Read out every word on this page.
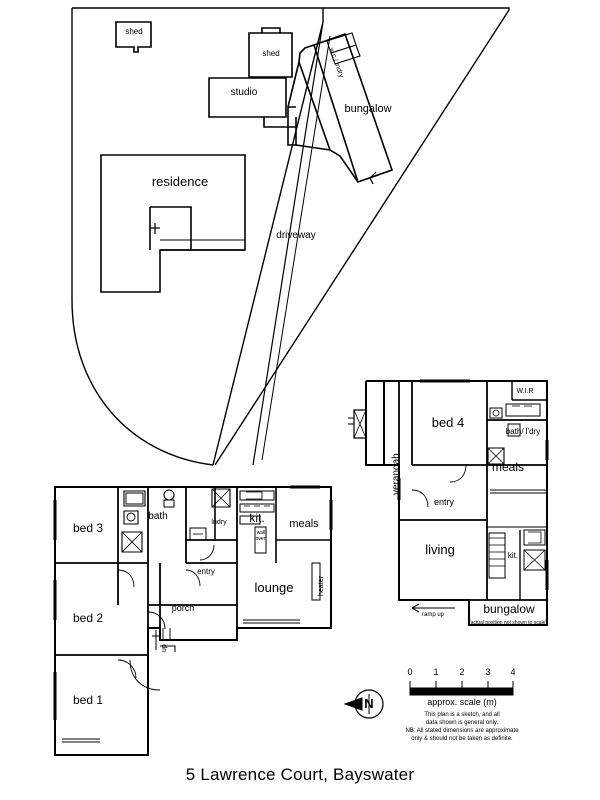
shed
shed
studio
bungalow
residence
driveway
w.c / lndry
bed 3
bed 2
bed 1
bath
lndry	kit.	meals
lounge
porch
entry
wall oven
heater
up
bed 4
W.I.R
bath/ l'dry
meals
living	kit.
verandah
entry
bungalow
ramp up
(actual position not shown to scale)
0	1	2	3	4
approx. scale (m)
This plan is a sketch, and all
data shown is general only.
NB: All stated dimensions are approximate
only & should not be taken as definite.
N
5 Lawrence Court, Bayswater
